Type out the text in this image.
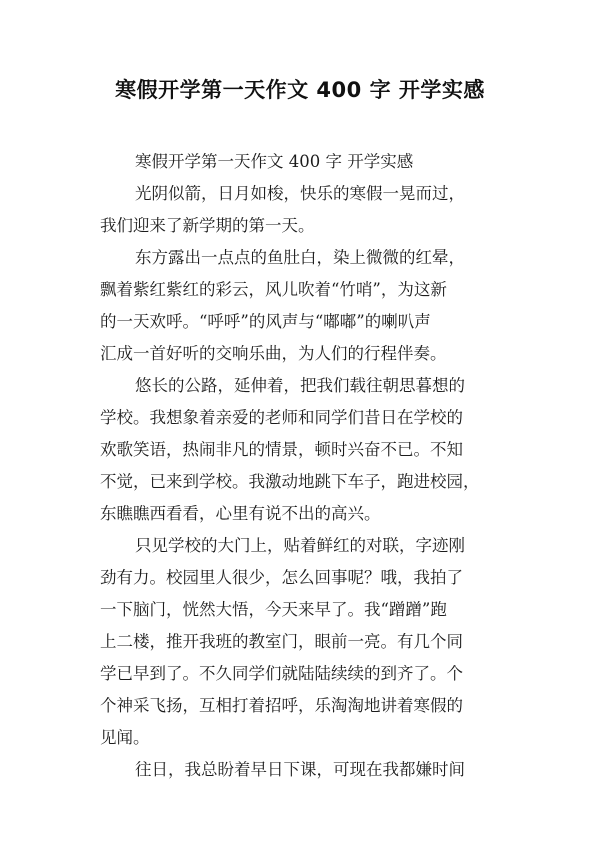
寒假开学第一天作文 400 字 开学实感
寒假开学第一天作文 400 字 开学实感
光阴似箭，日月如梭，快乐的寒假一晃而过，
我们迎来了新学期的第一天。
东方露出一点点的鱼肚白，染上微微的红晕，
飘着紫红紫红的彩云，风儿吹着“竹哨”，为这新
的一天欢呼。“呼呼”的风声与“嘟嘟”的喇叭声
汇成一首好听的交响乐曲，为人们的行程伴奏。
悠长的公路，延伸着，把我们载往朝思暮想的
学校。我想象着亲爱的老师和同学们昔日在学校的
欢歌笑语，热闹非凡的情景，顿时兴奋不已。不知
不觉，已来到学校。我激动地跳下车子，跑进校园，
东瞧瞧西看看，心里有说不出的高兴。
只见学校的大门上，贴着鲜红的对联，字迹刚
劲有力。校园里人很少，怎么回事呢？哦，我拍了
一下脑门，恍然大悟，今天来早了。我“蹭蹭”跑
上二楼，推开我班的教室门，眼前一亮。有几个同
学已早到了。不久同学们就陆陆续续的到齐了。个
个神采飞扬，互相打着招呼，乐淘淘地讲着寒假的
见闻。
往日，我总盼着早日下课，可现在我都嫌时间
